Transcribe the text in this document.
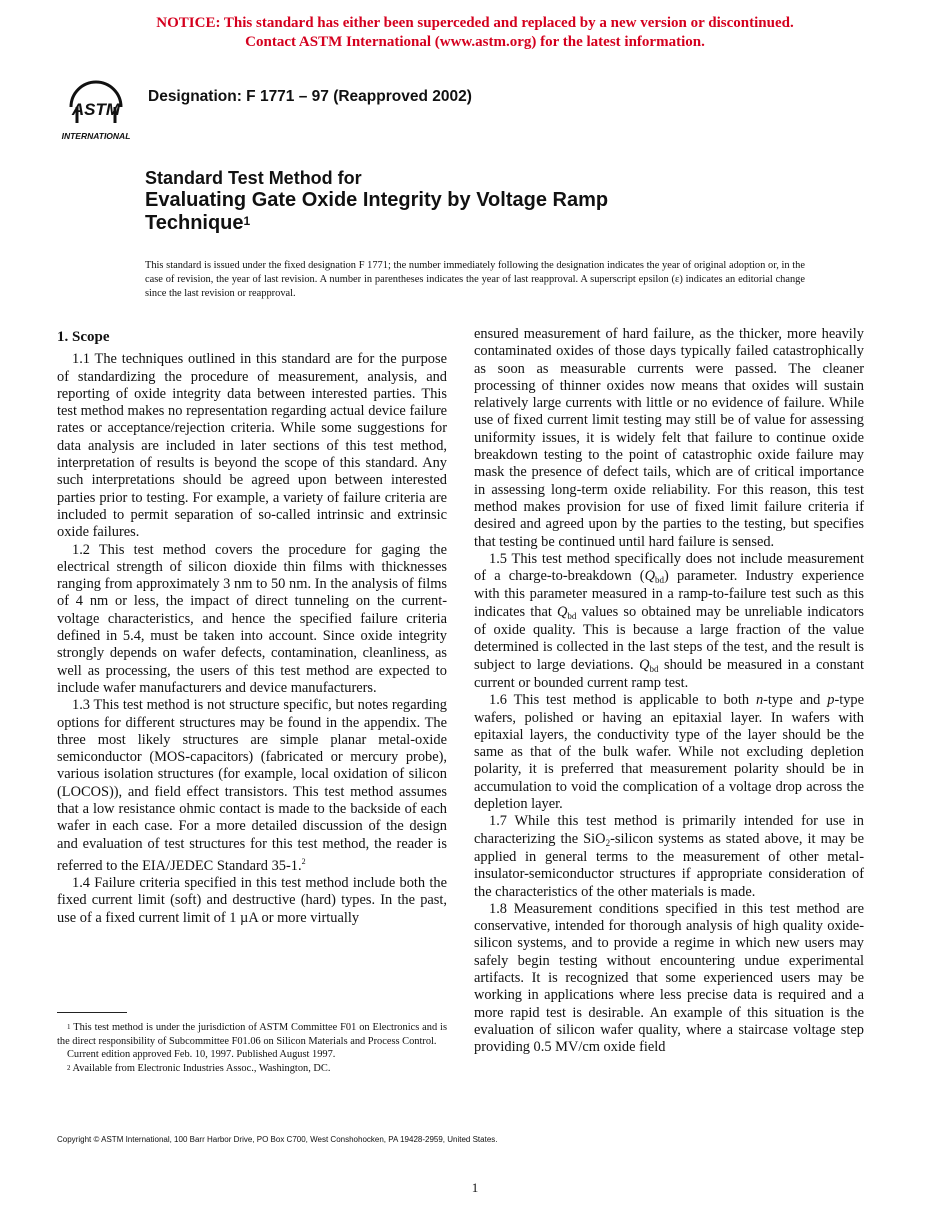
NOTICE: This standard has either been superceded and replaced by a new version or discontinued.
Contact ASTM International (www.astm.org) for the latest information.
ASTM
INTERNATIONAL
Designation: F 1771 – 97 (Reapproved 2002)
Standard Test Method for
Evaluating Gate Oxide Integrity by Voltage Ramp
Technique$^1$
This standard is issued under the fixed designation F 1771; the number immediately following the designation indicates the year of original adoption or, in the case of revision, the year of last revision. A number in parentheses indicates the year of last reapproval. A superscript epsilon (ε) indicates an editorial change since the last revision or reapproval.
1. Scope

1.1 The techniques outlined in this standard are for the purpose of standardizing the procedure of measurement, analysis, and reporting of oxide integrity data between interested parties. This test method makes no representation regarding actual device failure rates or acceptance/rejection criteria. While some suggestions for data analysis are included in later sections of this test method, interpretation of results is beyond the scope of this standard. Any such interpretations should be agreed upon between interested parties prior to testing. For example, a variety of failure criteria are included to permit separation of so-called intrinsic and extrinsic oxide failures.

1.2 This test method covers the procedure for gaging the electrical strength of silicon dioxide thin films with thicknesses ranging from approximately 3 nm to 50 nm. In the analysis of films of 4 nm or less, the impact of direct tunneling on the current-voltage characteristics, and hence the specified failure criteria defined in 5.4, must be taken into account. Since oxide integrity strongly depends on wafer defects, contamination, cleanliness, as well as processing, the users of this test method are expected to include wafer manufacturers and device manufacturers.

1.3 This test method is not structure specific, but notes regarding options for different structures may be found in the appendix. The three most likely structures are simple planar metal-oxide semiconductor (MOS-capacitors) (fabricated or mercury probe), various isolation structures (for example, local oxidation of silicon (LOCOS)), and field effect transistors. This test method assumes that a low resistance ohmic contact is made to the backside of each wafer in each case. For a more detailed discussion of the design and evaluation of test structures for this test method, the reader is referred to the EIA/JEDEC Standard 35-1.$^2$

1.4 Failure criteria specified in this test method include both the fixed current limit (soft) and destructive (hard) types. In the past, use of a fixed current limit of 1 µA or more virtually

ensured measurement of hard failure, as the thicker, more heavily contaminated oxides of those days typically failed catastrophically as soon as measurable currents were passed. The cleaner processing of thinner oxides now means that oxides will sustain relatively large currents with little or no evidence of failure. While use of fixed current limit testing may still be of value for assessing uniformity issues, it is widely felt that failure to continue oxide breakdown testing to the point of catastrophic oxide failure may mask the presence of defect tails, which are of critical importance in assessing long-term oxide reliability. For this reason, this test method makes provision for use of fixed limit failure criteria if desired and agreed upon by the parties to the testing, but specifies that testing be continued until hard failure is sensed.

1.5 This test method specifically does not include measurement of a charge-to-breakdown $(Q_{bd})$ parameter. Industry experience with this parameter measured in a ramp-to-failure test such as this indicates that $Q_{bd}$ values so obtained may be unreliable indicators of oxide quality. This is because a large fraction of the value determined is collected in the last steps of the test, and the result is subject to large deviations. $Q_{bd}$ should be measured in a constant current or bounded current ramp test.

1.6 This test method is applicable to both n-type and p-type wafers, polished or having an epitaxial layer. In wafers with epitaxial layers, the conductivity type of the layer should be the same as that of the bulk wafer. While not excluding depletion polarity, it is preferred that measurement polarity should be in accumulation to void the complication of a voltage drop across the depletion layer.

1.7 While this test method is primarily intended for use in characterizing the SiO$_2$-silicon systems as stated above, it may be applied in general terms to the measurement of other metal-insulator-semiconductor structures if appropriate consideration of the characteristics of the other materials is made.

1.8 Measurement conditions specified in this test method are conservative, intended for thorough analysis of high quality oxide-silicon systems, and to provide a regime in which new users may safely begin testing without encountering undue experimental artifacts. It is recognized that some experienced users may be working in applications where less precise data is required and a more rapid test is desirable. An example of this situation is the evaluation of silicon wafer quality, where a staircase voltage step providing 0.5 MV/cm oxide field

$^1$ This test method is under the jurisdiction of ASTM Committee F01 on Electronics and is the direct responsibility of Subcommittee F01.06 on Silicon Materials and Process Control.

Current edition approved Feb. 10, 1997. Published August 1997.

$^2$ Available from Electronic Industries Assoc., Washington, DC.

Copyright © ASTM International, 100 Barr Harbor Drive, PO Box C700, West Conshohocken, PA 19428-2959, United States.
1
